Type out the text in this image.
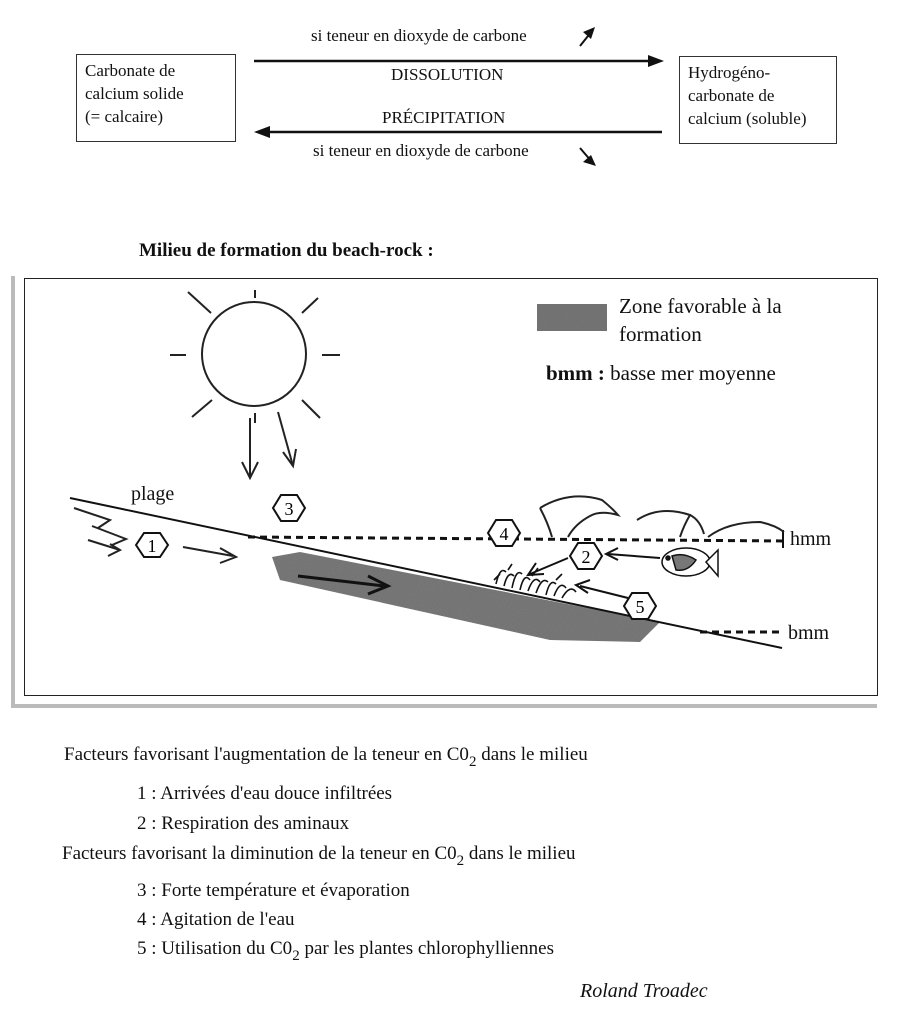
Carbonate de
calcium solide
(= calcaire)
Hydrogéno-
carbonate de
calcium (soluble)
si teneur en dioxyde de carbone
DISSOLUTION
PRÉCIPITATION
si teneur en dioxyde de carbone
Milieu de formation du beach-rock :
1
2
3
4
5
Zone favorable à la
formation
bmm : basse mer moyenne
plage
hmm
bmm
Facteurs favorisant l'augmentation de la teneur en $C0_2$ dans le milieu
1 : Arrivées d'eau douce infiltrées
2 : Respiration des aminaux
Facteurs favorisant la diminution de la teneur en $C0_2$ dans le milieu
3 : Forte température et évaporation
4 : Agitation de l'eau
5 : Utilisation du $C0_2$ par les plantes chlorophylliennes
Roland Troadec
